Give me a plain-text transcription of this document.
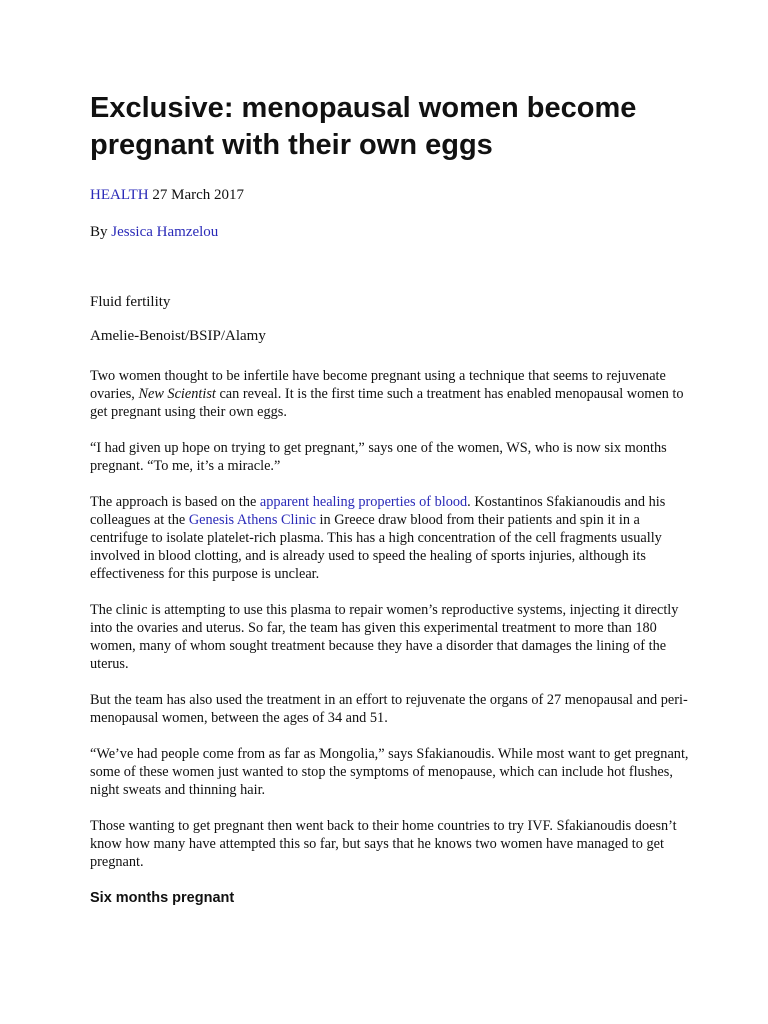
Exclusive: menopausal women become pregnant with their own eggs
HEALTH 27 March 2017
By Jessica Hamzelou
Fluid fertility
Amelie-Benoist/BSIP/Alamy

Two women thought to be infertile have become pregnant using a technique that seems to rejuvenate ovaries, New Scientist can reveal. It is the first time such a treatment has enabled menopausal women to get pregnant using their own eggs.

“I had given up hope on trying to get pregnant,” says one of the women, WS, who is now six months pregnant. “To me, it’s a miracle.”

The approach is based on the apparent healing properties of blood. Kostantinos Sfakianoudis and his colleagues at the Genesis Athens Clinic in Greece draw blood from their patients and spin it in a centrifuge to isolate platelet-rich plasma. This has a high concentration of the cell fragments usually involved in blood clotting, and is already used to speed the healing of sports injuries, although its effectiveness for this purpose is unclear.

The clinic is attempting to use this plasma to repair women’s reproductive systems, injecting it directly into the ovaries and uterus. So far, the team has given this experimental treatment to more than 180 women, many of whom sought treatment because they have a disorder that damages the lining of the uterus.

But the team has also used the treatment in an effort to rejuvenate the organs of 27 menopausal and peri-menopausal women, between the ages of 34 and 51.

“We’ve had people come from as far as Mongolia,” says Sfakianoudis. While most want to get pregnant, some of these women just wanted to stop the symptoms of menopause, which can include hot flushes, night sweats and thinning hair.

Those wanting to get pregnant then went back to their home countries to try IVF. Sfakianoudis doesn’t know how many have attempted this so far, but says that he knows two women have managed to get pregnant.

Six months pregnant
